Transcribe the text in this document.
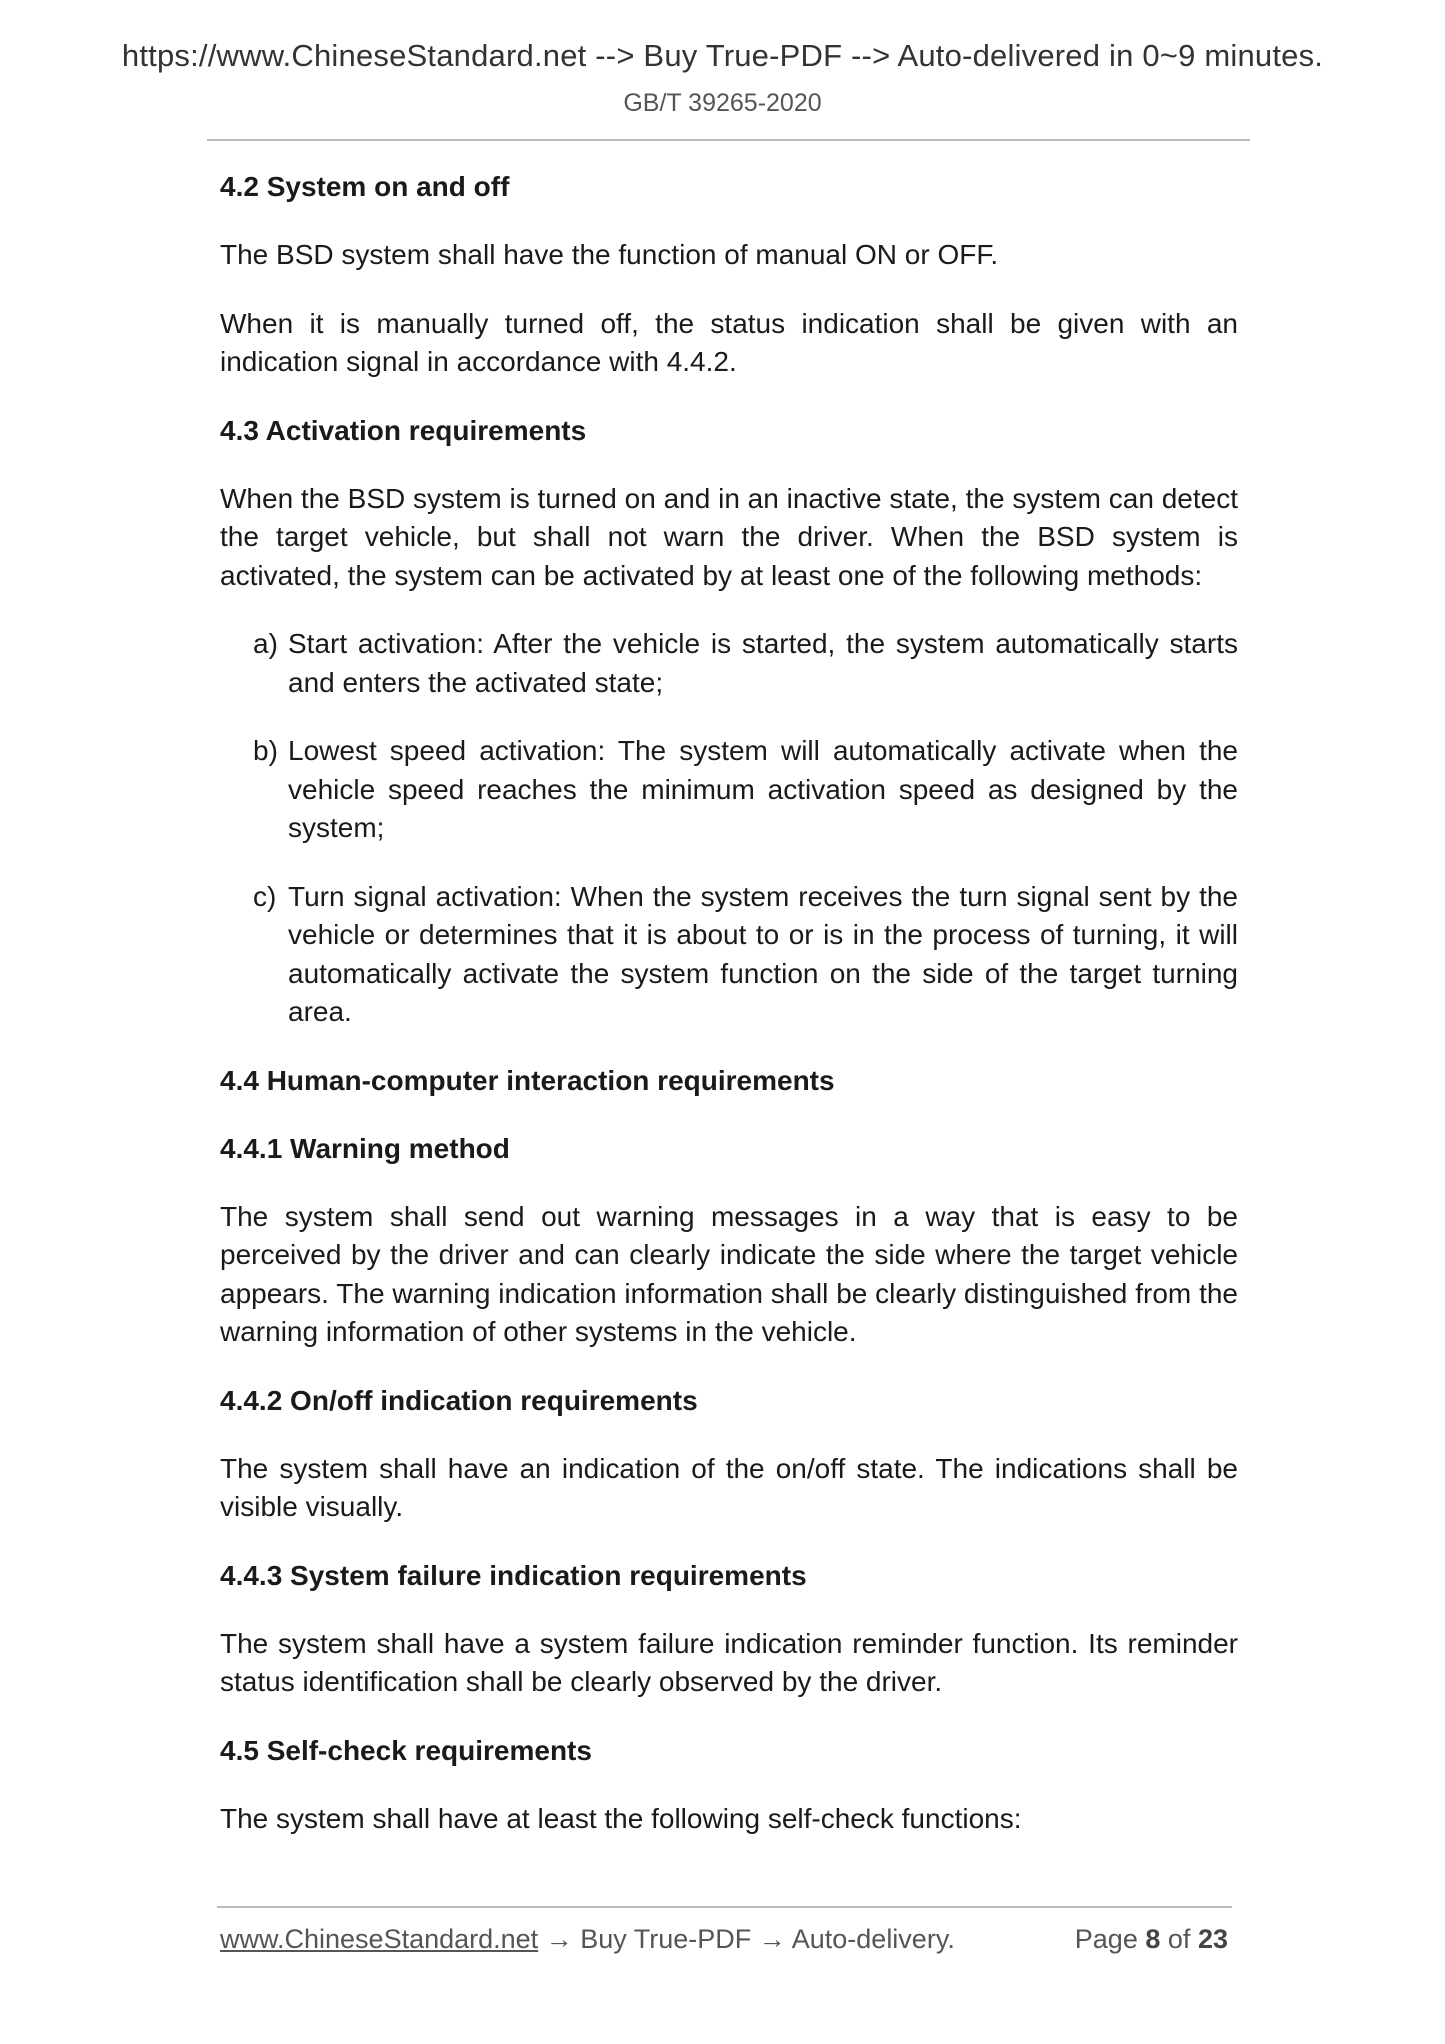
https://www.ChineseStandard.net --> Buy True-PDF --> Auto-delivered in 0~9 minutes.
GB/T 39265-2020
4.2 System on and off

The BSD system shall have the function of manual ON or OFF.

When it is manually turned off, the status indication shall be given with an indication signal in accordance with 4.4.2.

4.3 Activation requirements

When the BSD system is turned on and in an inactive state, the system can detect the target vehicle, but shall not warn the driver. When the BSD system is activated, the system can be activated by at least one of the following methods:

a) Start activation: After the vehicle is started, the system automatically starts and enters the activated state;
b) Lowest speed activation: The system will automatically activate when the vehicle speed reaches the minimum activation speed as designed by the system;
c) Turn signal activation: When the system receives the turn signal sent by the vehicle or determines that it is about to or is in the process of turning, it will automatically activate the system function on the side of the target turning area.
4.4 Human-computer interaction requirements
4.4.1 Warning method

The system shall send out warning messages in a way that is easy to be perceived by the driver and can clearly indicate the side where the target vehicle appears. The warning indication information shall be clearly distinguished from the warning information of other systems in the vehicle.

4.4.2 On/off indication requirements

The system shall have an indication of the on/off state. The indications shall be visible visually.

4.4.3 System failure indication requirements

The system shall have a system failure indication reminder function. Its reminder status identification shall be clearly observed by the driver.

4.5 Self-check requirements

The system shall have at least the following self-check functions:

www.ChineseStandard.net → Buy True-PDF → Auto-delivery.	Page 8 of 23
